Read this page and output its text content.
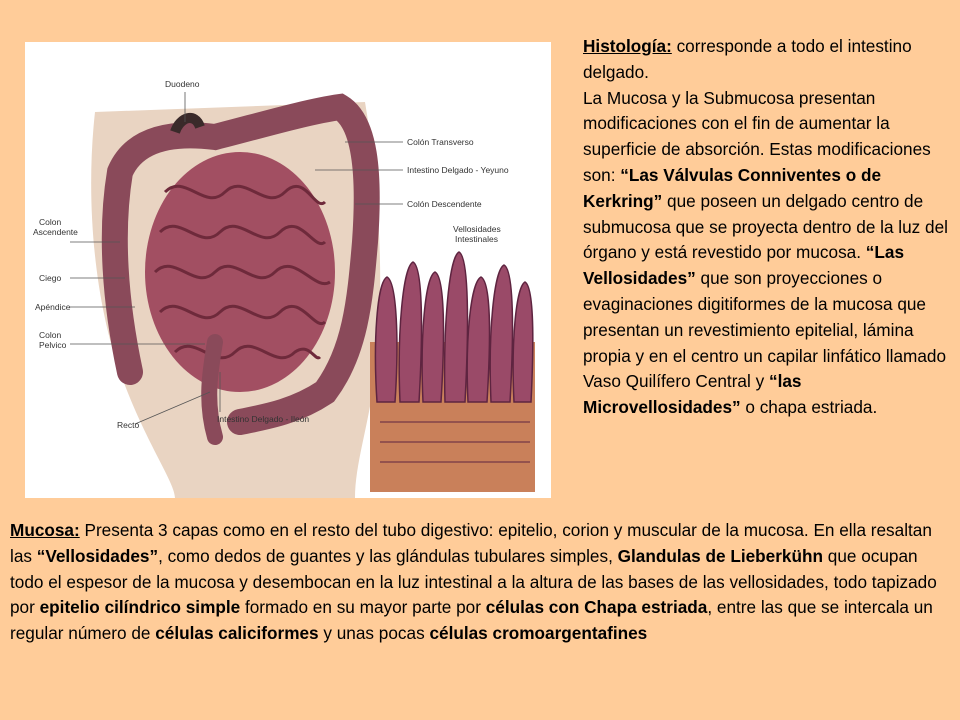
Duodeno
Colón Transverso
Intestino Delgado - Yeyuno
Colón Descendente
Vellosidades
Intestinales
Colon
Ascendente
Ciego
Apéndice
Colon
Pelvico
Recto
Intestino Delgado - Ileón
Histología: corresponde a todo el intestino delgado.
La Mucosa y la Submucosa presentan modificaciones con el fin de aumentar la superficie de absorción. Estas modificaciones son: “Las Válvulas Conniventes o de Kerkring” que poseen un delgado centro de submucosa que se proyecta dentro de la luz del órgano y está revestido por mucosa. “Las Vellosidades” que son proyecciones o evaginaciones digitiformes de la mucosa que presentan un revestimiento epitelial, lámina propia y en el centro un capilar linfático llamado Vaso Quilífero Central y “las Microvellosidades” o chapa estriada.
Mucosa: Presenta 3 capas como en el resto del tubo digestivo: epitelio, corion y muscular de la mucosa. En ella resaltan las “Vellosidades”, como dedos de guantes y las glándulas tubulares simples, Glandulas de Lieberkühn que ocupan todo el espesor de la mucosa y desembocan en la luz intestinal a la altura de las bases de las vellosidades, todo tapizado por epitelio cilíndrico simple formado en su mayor parte por células con Chapa estriada, entre las que se intercala un regular número de células caliciformes y unas pocas células cromoargentafines
